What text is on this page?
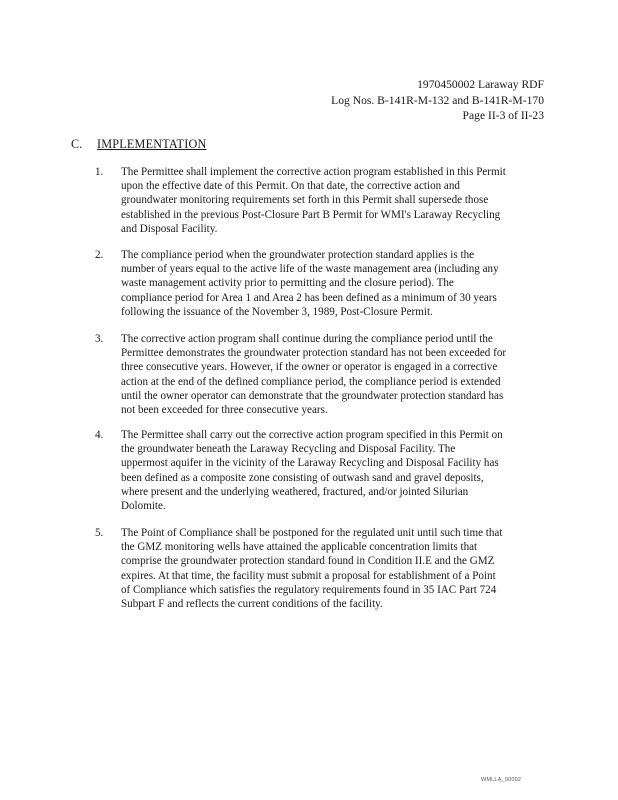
1970450002 Laraway RDF
Log Nos. B-141R-M-132 and B-141R-M-170
Page II-3 of II-23
C. IMPLEMENTATION
1.	The Permittee shall implement the corrective action program established in this Permit
upon the effective date of this Permit. On that date, the corrective action and
groundwater monitoring requirements set forth in this Permit shall supersede those
established in the previous Post-Closure Part B Permit for WMI's Laraway Recycling
and Disposal Facility.
2.	The compliance period when the groundwater protection standard applies is the
number of years equal to the active life of the waste management area (including any
waste management activity prior to permitting and the closure period). The
compliance period for Area 1 and Area 2 has been defined as a minimum of 30 years
following the issuance of the November 3, 1989, Post-Closure Permit.
3.	The corrective action program shall continue during the compliance period until the
Permittee demonstrates the groundwater protection standard has not been exceeded for
three consecutive years. However, if the owner or operator is engaged in a corrective
action at the end of the defined compliance period, the compliance period is extended
until the owner operator can demonstrate that the groundwater protection standard has
not been exceeded for three consecutive years.
4.	The Permittee shall carry out the corrective action program specified in this Permit on
the groundwater beneath the Laraway Recycling and Disposal Facility. The
uppermost aquifer in the vicinity of the Laraway Recycling and Disposal Facility has
been defined as a composite zone consisting of outwash sand and gravel deposits,
where present and the underlying weathered, fractured, and/or jointed Silurian
Dolomite.
5.	The Point of Compliance shall be postponed for the regulated unit until such time that
the GMZ monitoring wells have attained the applicable concentration limits that
comprise the groundwater protection standard found in Condition II.E and the GMZ
expires. At that time, the facility must submit a proposal for establishment of a Point
of Compliance which satisfies the regulatory requirements found in 35 IAC Part 724
Subpart F and reflects the current conditions of the facility.
WMLLA_00002
